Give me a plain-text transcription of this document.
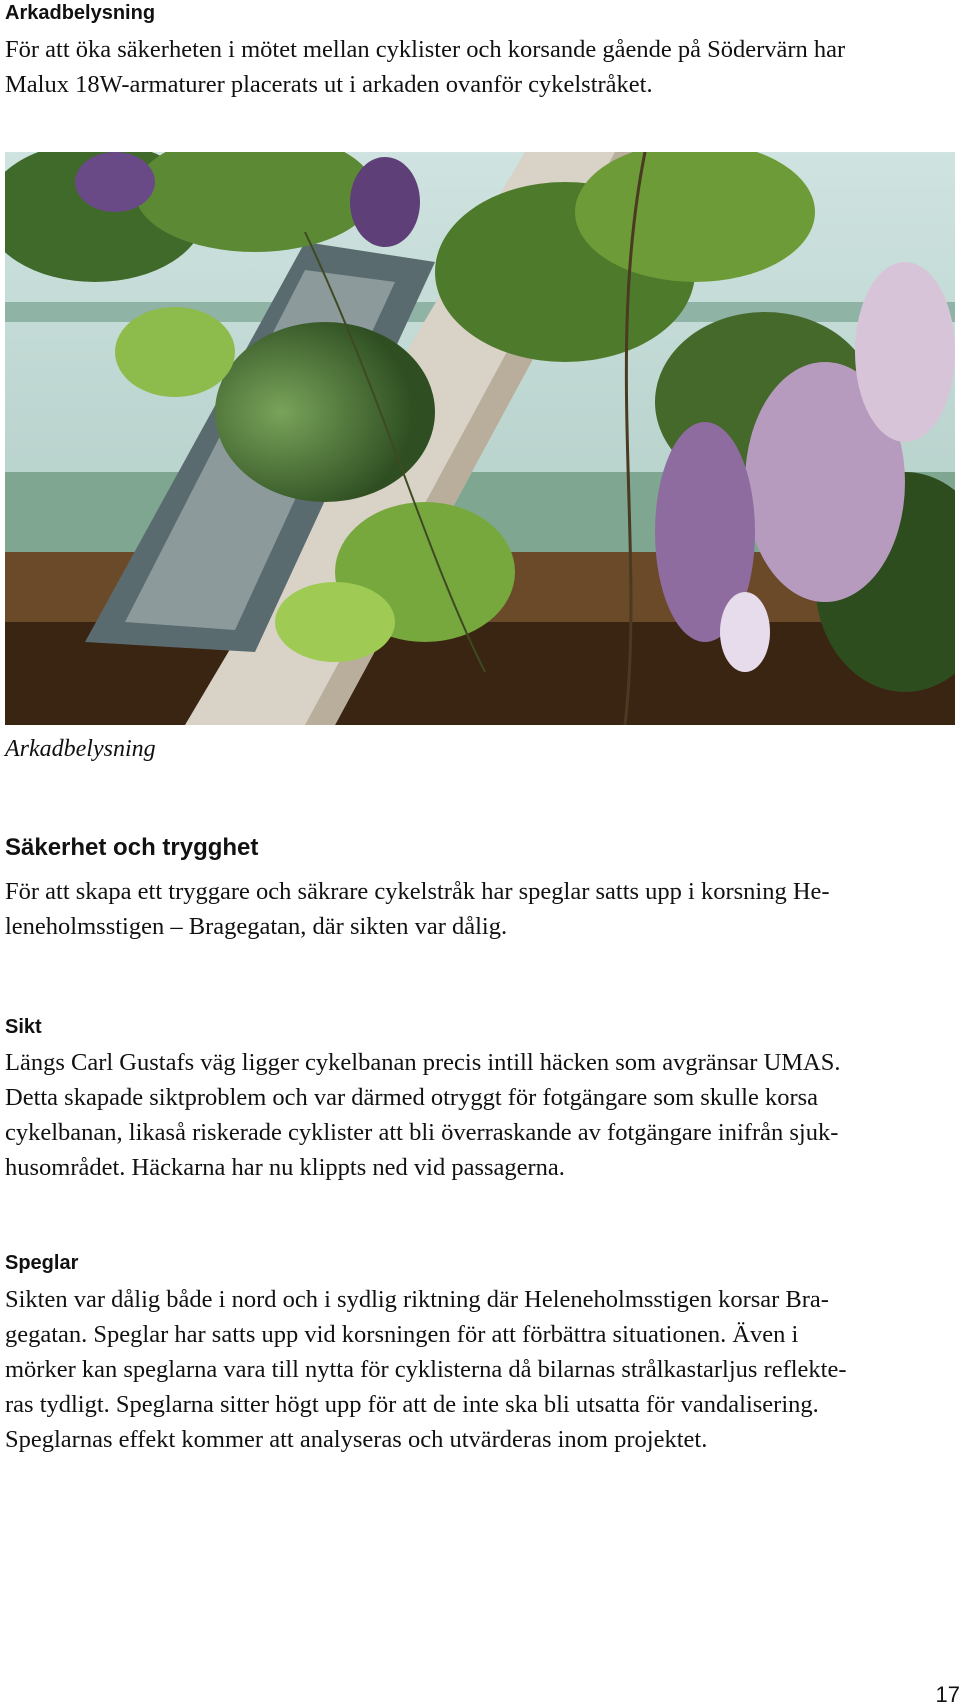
Arkadbelysning

För att öka säkerheten i mötet mellan cyklister och korsande gående på Södervärn har
Malux 18W-armaturer placerats ut i arkaden ovanför cykelstråket.

Arkadbelysning

Säkerhet och trygghet

För att skapa ett tryggare och säkrare cykelstråk har speglar satts upp i korsning He-
leneholmsstigen – Bragegatan, där sikten var dålig.

Sikt

Längs Carl Gustafs väg ligger cykelbanan precis intill häcken som avgränsar UMAS.
Detta skapade siktproblem och var därmed otryggt för fotgängare som skulle korsa
cykelbanan, likaså riskerade cyklister att bli överraskande av fotgängare inifrån sjuk-
husområdet. Häckarna har nu klippts ned vid passagerna.

Speglar

Sikten var dålig både i nord och i sydlig riktning där Heleneholmsstigen korsar Bra-
gegatan. Speglar har satts upp vid korsningen för att förbättra situationen. Även i
mörker kan speglarna vara till nytta för cyklisterna då bilarnas strålkastarljus reflekte-
ras tydligt. Speglarna sitter högt upp för att de inte ska bli utsatta för vandalisering.
Speglarnas effekt kommer att analyseras och utvärderas inom projektet.

17
